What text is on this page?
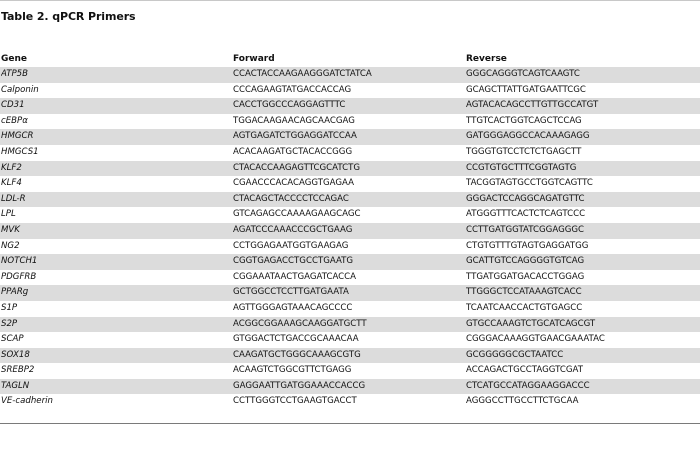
Table 2. qPCR Primers
Gene	Forward	Reverse
ATP5B	CCACTACCAAGAAGGGATCTATCA	GGGCAGGGTCAGTCAAGTC
Calponin	CCCAGAAGTATGACCACCAG	GCAGCTTATTGATGAATTCGC
CD31	CACCTGGCCCAGGAGTTTC	AGTACACAGCCTTGTTGCCATGT
cEBPα	TGGACAAGAACAGCAACGAG	TTGTCACTGGTCAGCTCCAG
HMGCR	AGTGAGATCTGGAGGATCCAA	GATGGGAGGCCACAAAGAGG
HMGCS1	ACACAAGATGCTACACCGGG	TGGGTGTCCTCTCTGAGCTT
KLF2	CTACACCAAGAGTTCGCATCTG	CCGTGTGCTTTCGGTAGTG
KLF4	CGAACCCACACAGGTGAGAA	TACGGTAGTGCCTGGTCAGTTC
LDL-R	CTACAGCTACCCCTCCAGAC	GGGACTCCAGGCAGATGTTC
LPL	GTCAGAGCCAAAAGAAGCAGC	ATGGGTTTCACTCTCAGTCCC
MVK	AGATCCCAAACCCGCTGAAG	CCTTGATGGTATCGGAGGGC
NG2	CCTGGAGAATGGTGAAGAG	CTGTGTTTGTAGTGAGGATGG
NOTCH1	CGGTGAGACCTGCCTGAATG	GCATTGTCCAGGGGTGTCAG
PDGFRB	CGGAAATAACTGAGATCACCA	TTGATGGATGACACCTGGAG
PPARg	GCTGGCCTCCTTGATGAATA	TTGGGCTCCATAAAGTCACC
S1P	AGTTGGGAGTAAACAGCCCC	TCAATCAACCACTGTGAGCC
S2P	ACGGCGGAAAGCAAGGATGCTT	GTGCCAAAGTCTGCATCAGCGT
SCAP	GTGGACTCTGACCGCAAACAA	CGGGACAAAGGTGAACGAAATAC
SOX18	CAAGATGCTGGGCAAAGCGTG	GCGGGGGCGCTAATCC
SREBP2	ACAAGTCTGGCGTTCTGAGG	ACCAGACTGCCTAGGTCGAT
TAGLN	GAGGAATTGATGGAAACCACCG	CTCATGCCATAGGAAGGACCC
VE-cadherin	CCTTGGGTCCTGAAGTGACCT	AGGGCCTTGCCTTCTGCAA
